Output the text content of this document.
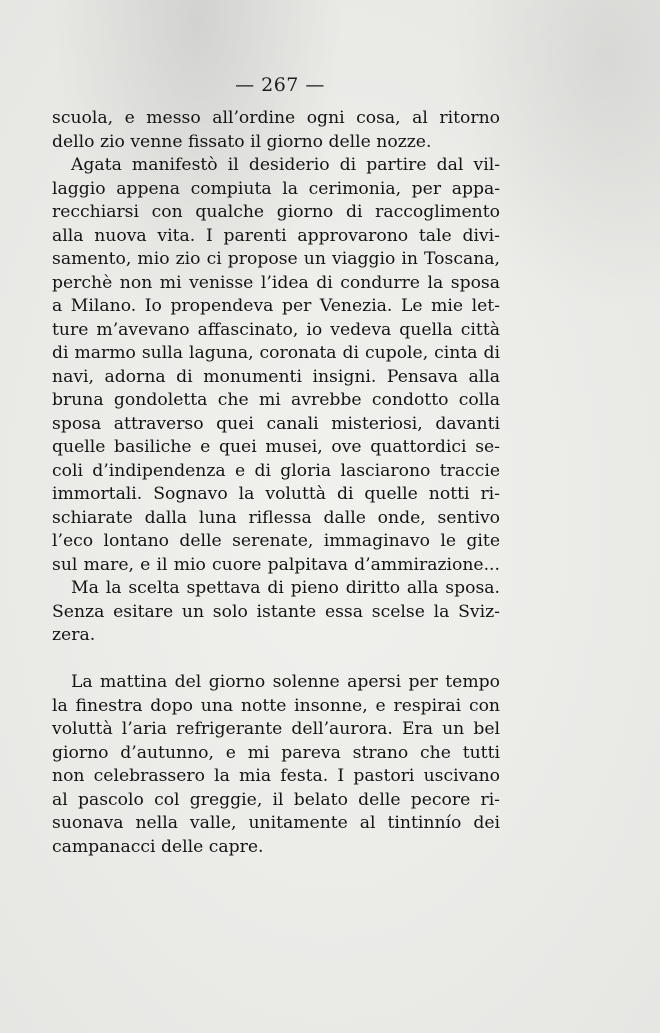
— 267 —
scuola, e messo all’ordine ogni cosa, al ritorno
dello zio venne fissato il giorno delle nozze.
Agata manifestò il desiderio di partire dal vil-
laggio appena compiuta la cerimonia, per appa-
recchiarsi con qualche giorno di raccoglimento
alla nuova vita. I parenti approvarono tale divi-
samento, mio zio ci propose un viaggio in Toscana,
perchè non mi venisse l’idea di condurre la sposa
a Milano. Io propendeva per Venezia. Le mie let-
ture m’avevano affascinato, io vedeva quella città
di marmo sulla laguna, coronata di cupole, cinta di
navi, adorna di monumenti insigni. Pensava alla
bruna gondoletta che mi avrebbe condotto colla
sposa attraverso quei canali misteriosi, davanti
quelle basiliche e quei musei, ove quattordici se-
coli d’indipendenza e di gloria lasciarono traccie
immortali. Sognavo la voluttà di quelle notti ri-
schiarate dalla luna riflessa dalle onde, sentivo
l’eco lontano delle serenate, immaginavo le gite
sul mare, e il mio cuore palpitava d’ammirazione...
Ma la scelta spettava di pieno diritto alla sposa.
Senza esitare un solo istante essa scelse la Sviz-
zera.
La mattina del giorno solenne apersi per tempo
la finestra dopo una notte insonne, e respirai con
voluttà l’aria refrigerante dell’aurora. Era un bel
giorno d’autunno, e mi pareva strano che tutti
non celebrassero la mia festa. I pastori uscivano
al pascolo col greggie, il belato delle pecore ri-
suonava nella valle, unitamente al tintinnío dei
campanacci delle capre.
